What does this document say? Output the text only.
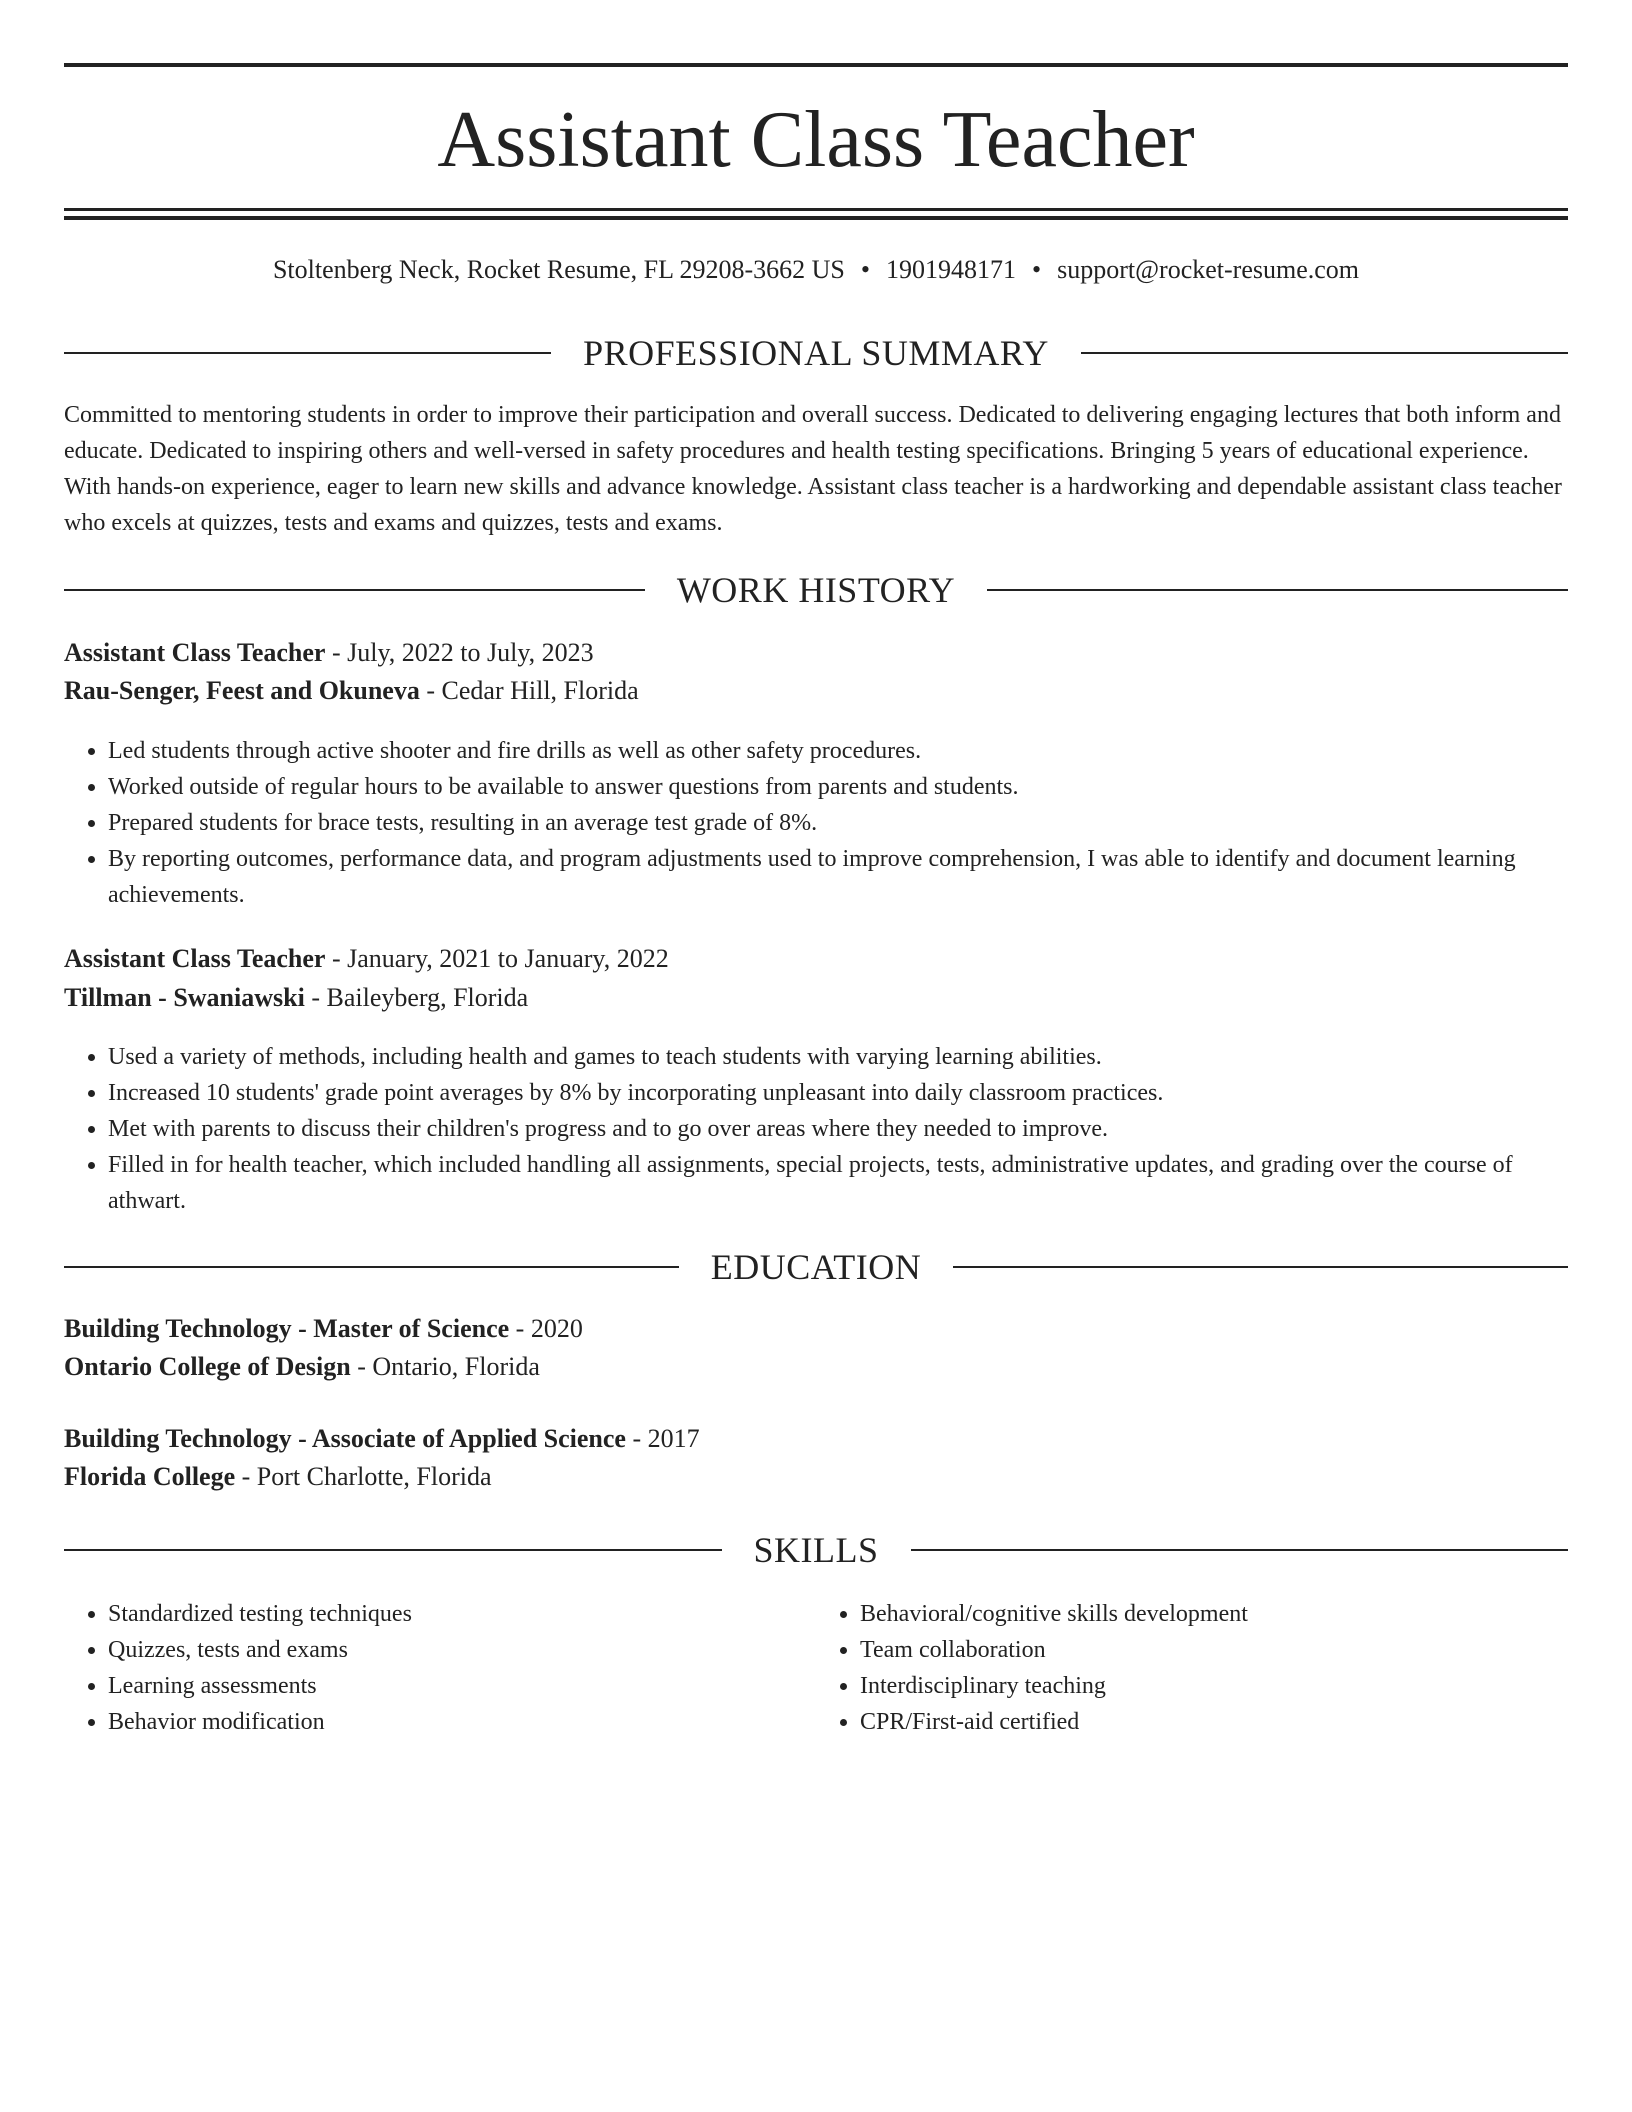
Assistant Class Teacher
Stoltenberg Neck, Rocket Resume, FL 29208-3662 US • 1901948171 • support@rocket-resume.com
PROFESSIONAL SUMMARY

Committed to mentoring students in order to improve their participation and overall success. Dedicated to delivering engaging lectures that both inform and educate. Dedicated to inspiring others and well-versed in safety procedures and health testing specifications. Bringing 5 years of educational experience. With hands-on experience, eager to learn new skills and advance knowledge. Assistant class teacher is a hardworking and dependable assistant class teacher who excels at quizzes, tests and exams and quizzes, tests and exams.

WORK HISTORY
Assistant Class Teacher - July, 2022 to July, 2023
Rau-Senger, Feest and Okuneva - Cedar Hill, Florida
• Led students through active shooter and fire drills as well as other safety procedures.
• Worked outside of regular hours to be available to answer questions from parents and students.
• Prepared students for brace tests, resulting in an average test grade of 8%.
• By reporting outcomes, performance data, and program adjustments used to improve comprehension, I was able to identify and document learning achievements.
Assistant Class Teacher - January, 2021 to January, 2022
Tillman - Swaniawski - Baileyberg, Florida
• Used a variety of methods, including health and games to teach students with varying learning abilities.
• Increased 10 students' grade point averages by 8% by incorporating unpleasant into daily classroom practices.
• Met with parents to discuss their children's progress and to go over areas where they needed to improve.
• Filled in for health teacher, which included handling all assignments, special projects, tests, administrative updates, and grading over the course of athwart.
EDUCATION
Building Technology - Master of Science - 2020
Ontario College of Design - Ontario, Florida
Building Technology - Associate of Applied Science - 2017
Florida College - Port Charlotte, Florida
SKILLS
• Standardized testing techniques
• Quizzes, tests and exams
• Learning assessments
• Behavior modification
• Behavioral/cognitive skills development
• Team collaboration
• Interdisciplinary teaching
• CPR/First-aid certified
